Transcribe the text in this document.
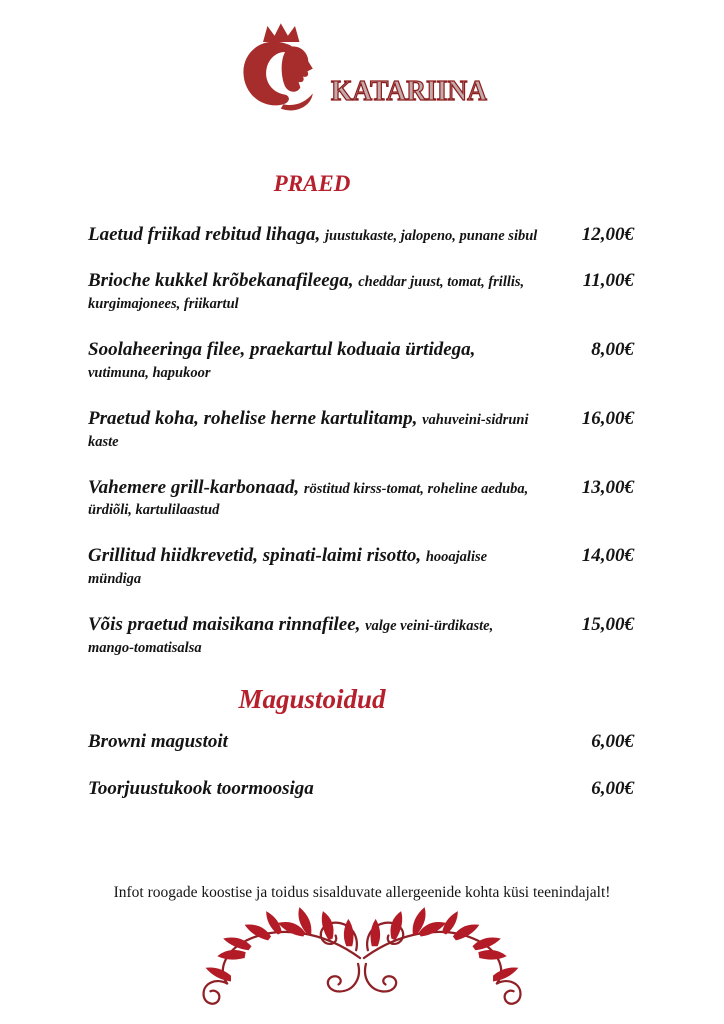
KATARIINA
PRAED

Laetud friikad rebitud lihaga, juustukaste, jalopeno, punane sibul 12,00€

Brioche kukkel krõbekanafileega, cheddar juust, tomat, frillis, kurgimajonees, friikartul

11,00€

Soolaheeringa filee, praekartul koduaia ürtidega, vutimuna, hapukoor

8,00€

Praetud koha, rohelise herne kartulitamp, vahuveini-sidruni kaste

16,00€

Vahemere grill-karbonaad, röstitud kirss-tomat, roheline aeduba, ürdiõli, kartulilaastud

13,00€

Grillitud hiidkrevetid, spinati-laimi risotto, hooajalise mündiga

14,00€

Võis praetud maisikana rinnafilee, valge veini-ürdikaste, mango-tomatisalsa

15,00€
Magustoidud

Browni magustoit	6,00€

Toorjuustukook toormoosiga	6,00€

Infot roogade koostise ja toidus sisalduvate allergeenide kohta küsi teenindajalt!
